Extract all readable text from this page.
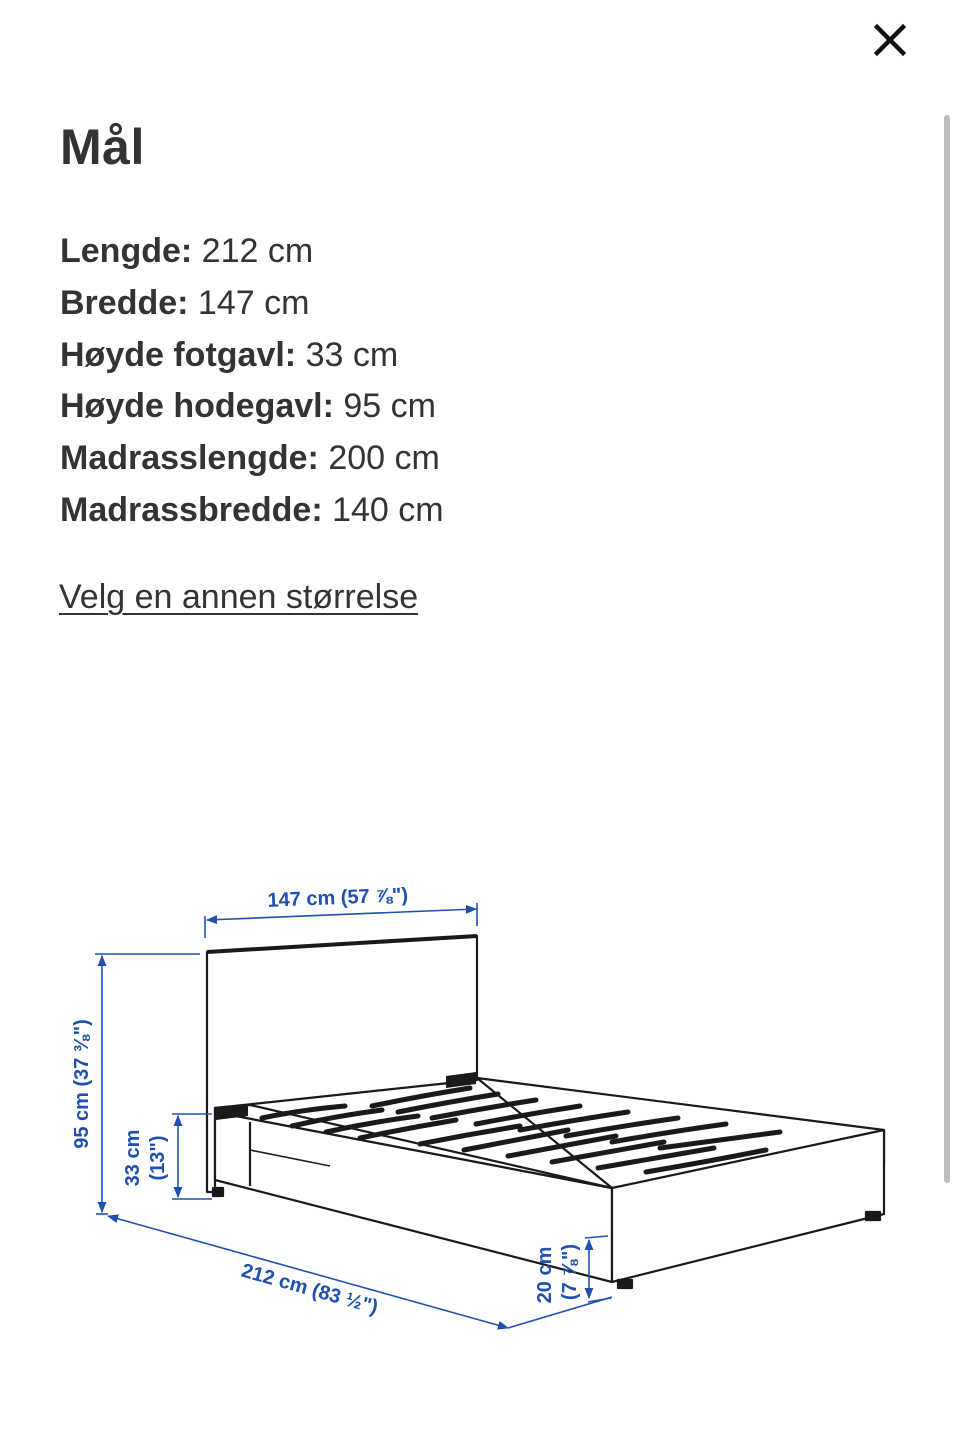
Mål
Lengde: 212 cm
Bredde: 147 cm
Høyde fotgavl: 33 cm
Høyde hodegavl: 95 cm
Madrasslengde: 200 cm
Madrassbredde: 140 cm
Velg en annen størrelse
147 cm (57 ⅞")
95 cm (37 ⅜")
33 cm (13")
212 cm (83 ½")	20 cm (7 ⅞")
